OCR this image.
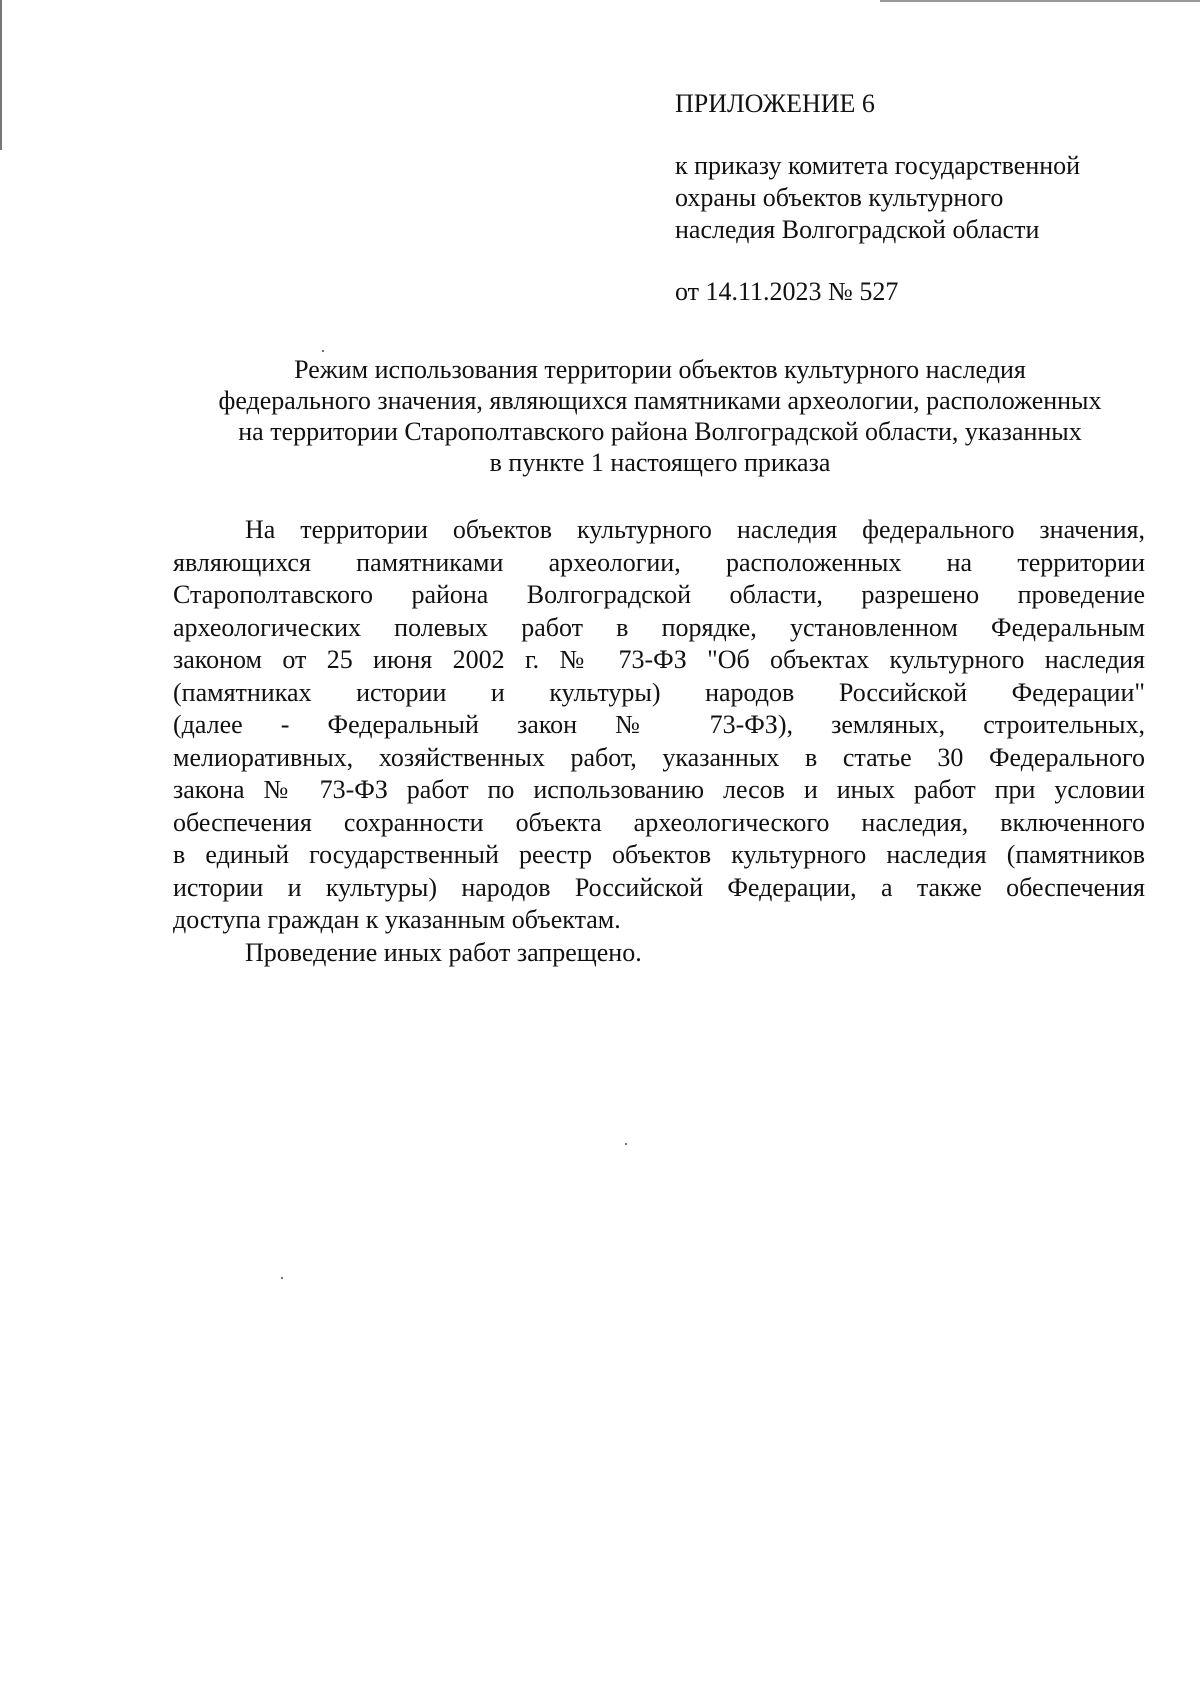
ПРИЛОЖЕНИЕ 6

к приказу комитета государственной
охраны объектов культурного
наследия Волгоградской области

от 14.11.2023 № 527

Режим использования территории объектов культурного наследия
федерального значения, являющихся памятниками археологии, расположенных
на территории Старополтавского района Волгоградской области, указанных
в пункте 1 настоящего приказа

На территории объектов культурного наследия федерального значения,
являющихся памятниками археологии, расположенных на территории
Старополтавского района Волгоградской области, разрешено проведение
археологических полевых работ в порядке, установленном Федеральным
законом от 25 июня 2002 г. № 73-ФЗ "Об объектах культурного наследия
(памятниках истории и культуры) народов Российской Федерации"
(далее - Федеральный закон № 73-ФЗ), земляных, строительных,
мелиоративных, хозяйственных работ, указанных в статье 30 Федерального
закона № 73-ФЗ работ по использованию лесов и иных работ при условии
обеспечения сохранности объекта археологического наследия, включенного
в единый государственный реестр объектов культурного наследия (памятников
истории и культуры) народов Российской Федерации, а также обеспечения
доступа граждан к указанным объектам.

Проведение иных работ запрещено.
